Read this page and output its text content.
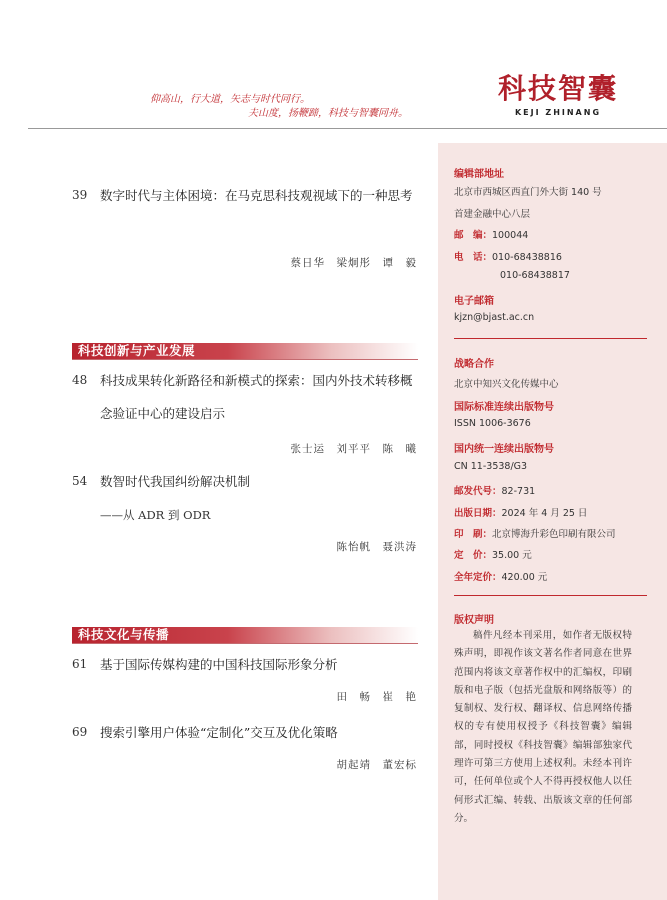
仰高山，行大道，矢志与时代同行。

夫山度，扬鞭蹄，科技与智囊同舟。
科技智囊
KEJI ZHINANG
39 数字时代与主体困境：在马克思科技观视域下的一种思考
蔡日华　梁炯彤　谭　毅
科技创新与产业发展
48 科技成果转化新路径和新模式的探索：国内外技术转移概念验证中心的建设启示
张士运　刘平平　陈　曦
54 数智时代我国纠纷解决机制
——从 ADR 到 ODR
陈怡帆　聂洪涛
科技文化与传播
61 基于国际传媒构建的中国科技国际形象分析
田　畅　崔　艳
69 搜索引擎用户体验“定制化”交互及优化策略
胡起靖　董宏标
编辑部地址
北京市西城区西直门外大街 140 号
首建金融中心八层
邮　编：100044
电　话：010-68438816
010-68438817
电子邮箱
kjzn@bjast.ac.cn
战略合作
北京中知兴文化传媒中心
国际标准连续出版物号
ISSN 1006-3676
国内统一连续出版物号
CN 11-3538/G3
邮发代号：82-731
出版日期：2024 年 4 月 25 日
印　刷：北京博海升彩色印刷有限公司
定　价：35.00 元
全年定价：420.00 元
版权声明
稿件凡经本刊采用，如作者无版权特殊声明，即视作该文著名作者同意在世界范围内将该文章著作权中的汇编权，印刷版和电子版（包括光盘版和网络版等）的复制权、发行权、翻译权、信息网络传播权的专有使用权授予《科技智囊》编辑部，同时授权《科技智囊》编辑部独家代理许可第三方使用上述权利。未经本刊许可，任何单位或个人不得再授权他人以任何形式汇编、转载、出版该文章的任何部分。
